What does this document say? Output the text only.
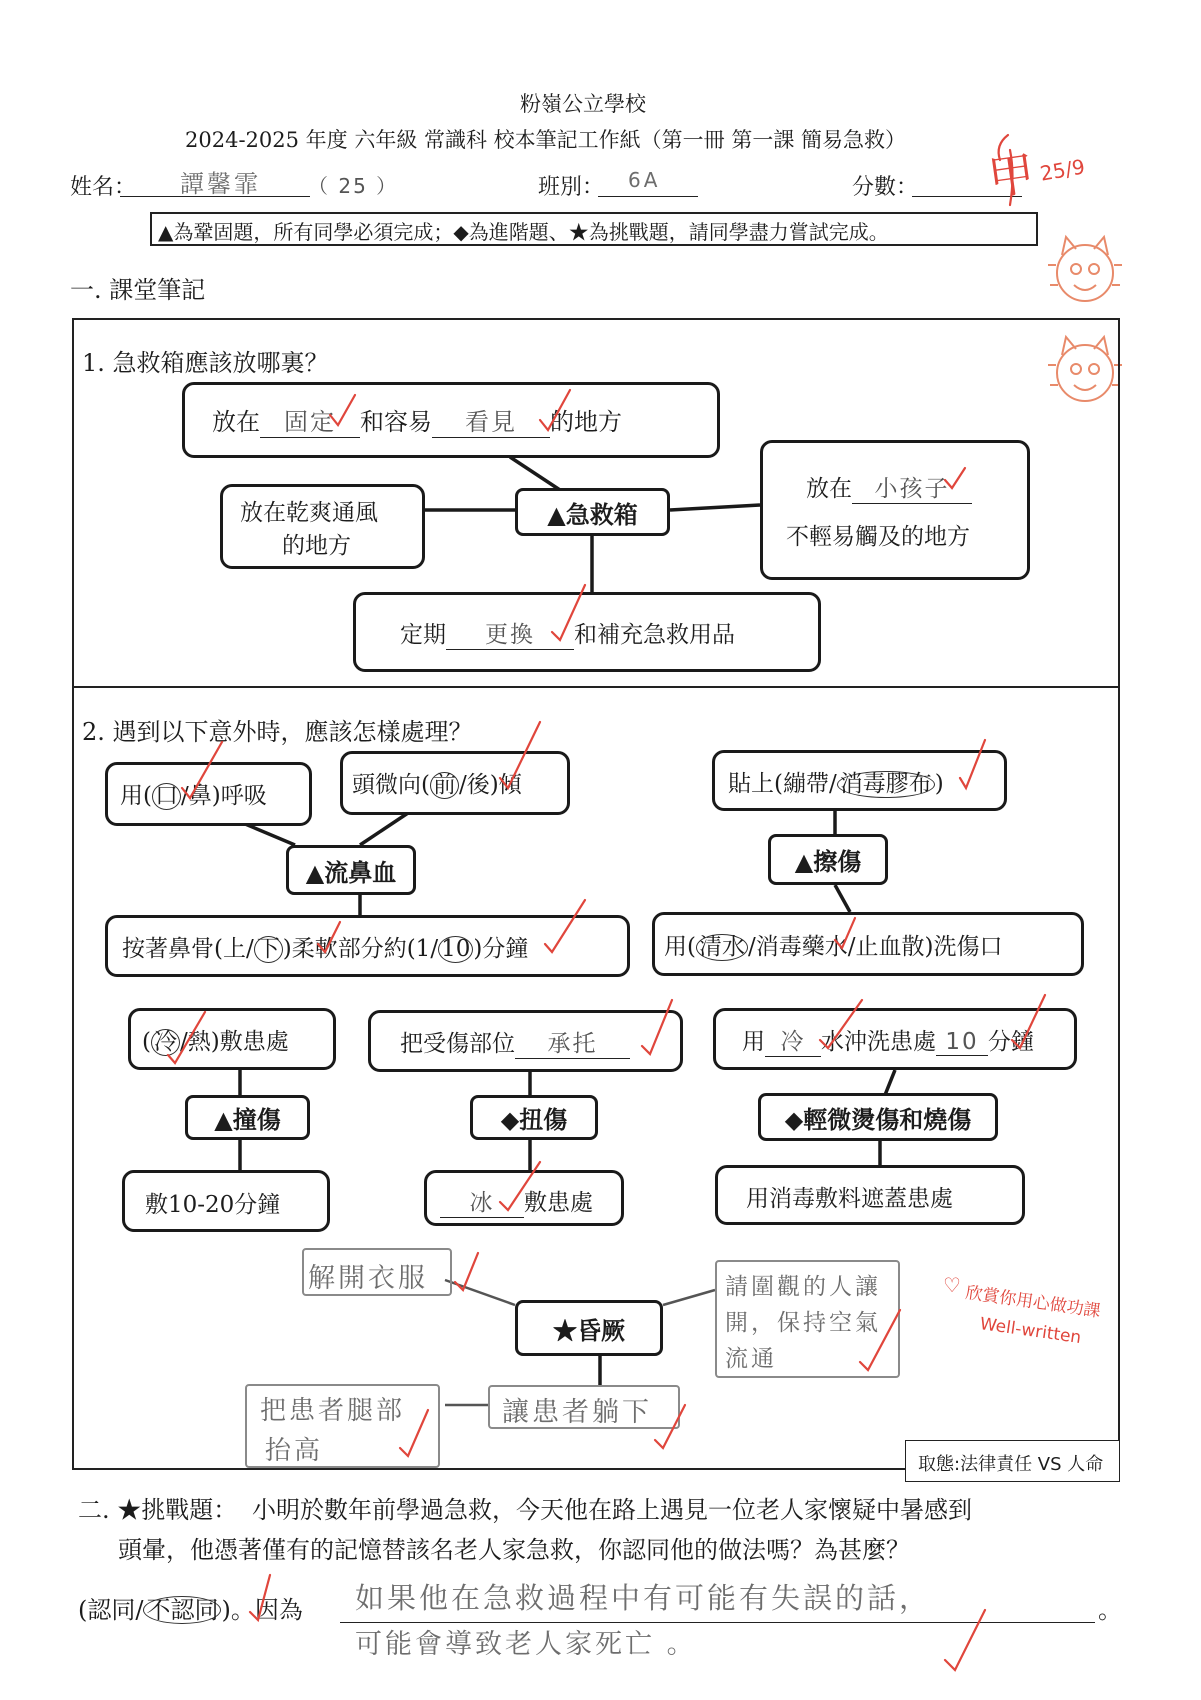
粉嶺公立學校
2024-2025 年度 六年級 常識科 校本筆記工作紙（第一冊 第一課 簡易急救）
姓名： 譚馨霏 （ 25 ）	班別： 6A	分數： 甲 25/9
▲為鞏固題，所有同學必須完成；◆為進階題、★為挑戰題，請同學盡力嘗試完成。
一. 課堂筆記
1. 急救箱應該放哪裏？
放在 固定 和容易 看見 的地方
放在乾爽通風
的地方
▲急救箱
放在 小孩子
不輕易觸及的地方
定期 更換 和補充急救用品
2. 遇到以下意外時，應該怎樣處理？
用( 口 /鼻)呼吸	頭微向( 前 /後)傾
▲流鼻血
按著鼻骨(上/ 下 )柔軟部分約(1/ 10 )分鐘
貼上(繃帶/ 消毒膠布 )
▲擦傷
用( 清水 /消毒藥水/止血散)洗傷口
( 冷 /熱)敷患處
▲撞傷
敷10-20分鐘
把受傷部位 承托
◆扭傷
冰 敷患處
用 冷 水沖洗患處 10 分鐘
◆輕微燙傷和燒傷
用消毒敷料遮蓋患處
★昏厥
解開衣服	請圍觀的人讓
開，保持空氣
流通
讓患者躺下
把患者腿部
抬高
♡ 欣賞你用心做功課
Well-written
取態:法律責任 VS 人命
二. ★挑戰題： 小明於數年前學過急救，今天他在路上遇見一位老人家懷疑中暑感到
頭暈，他憑著僅有的記憶替該名老人家急救，你認同他的做法嗎？為甚麼？
(認同/ 不認同 )。因為 如果他在急救過程中有可能有失誤的話，	。
可能會導致老人家死亡 。
